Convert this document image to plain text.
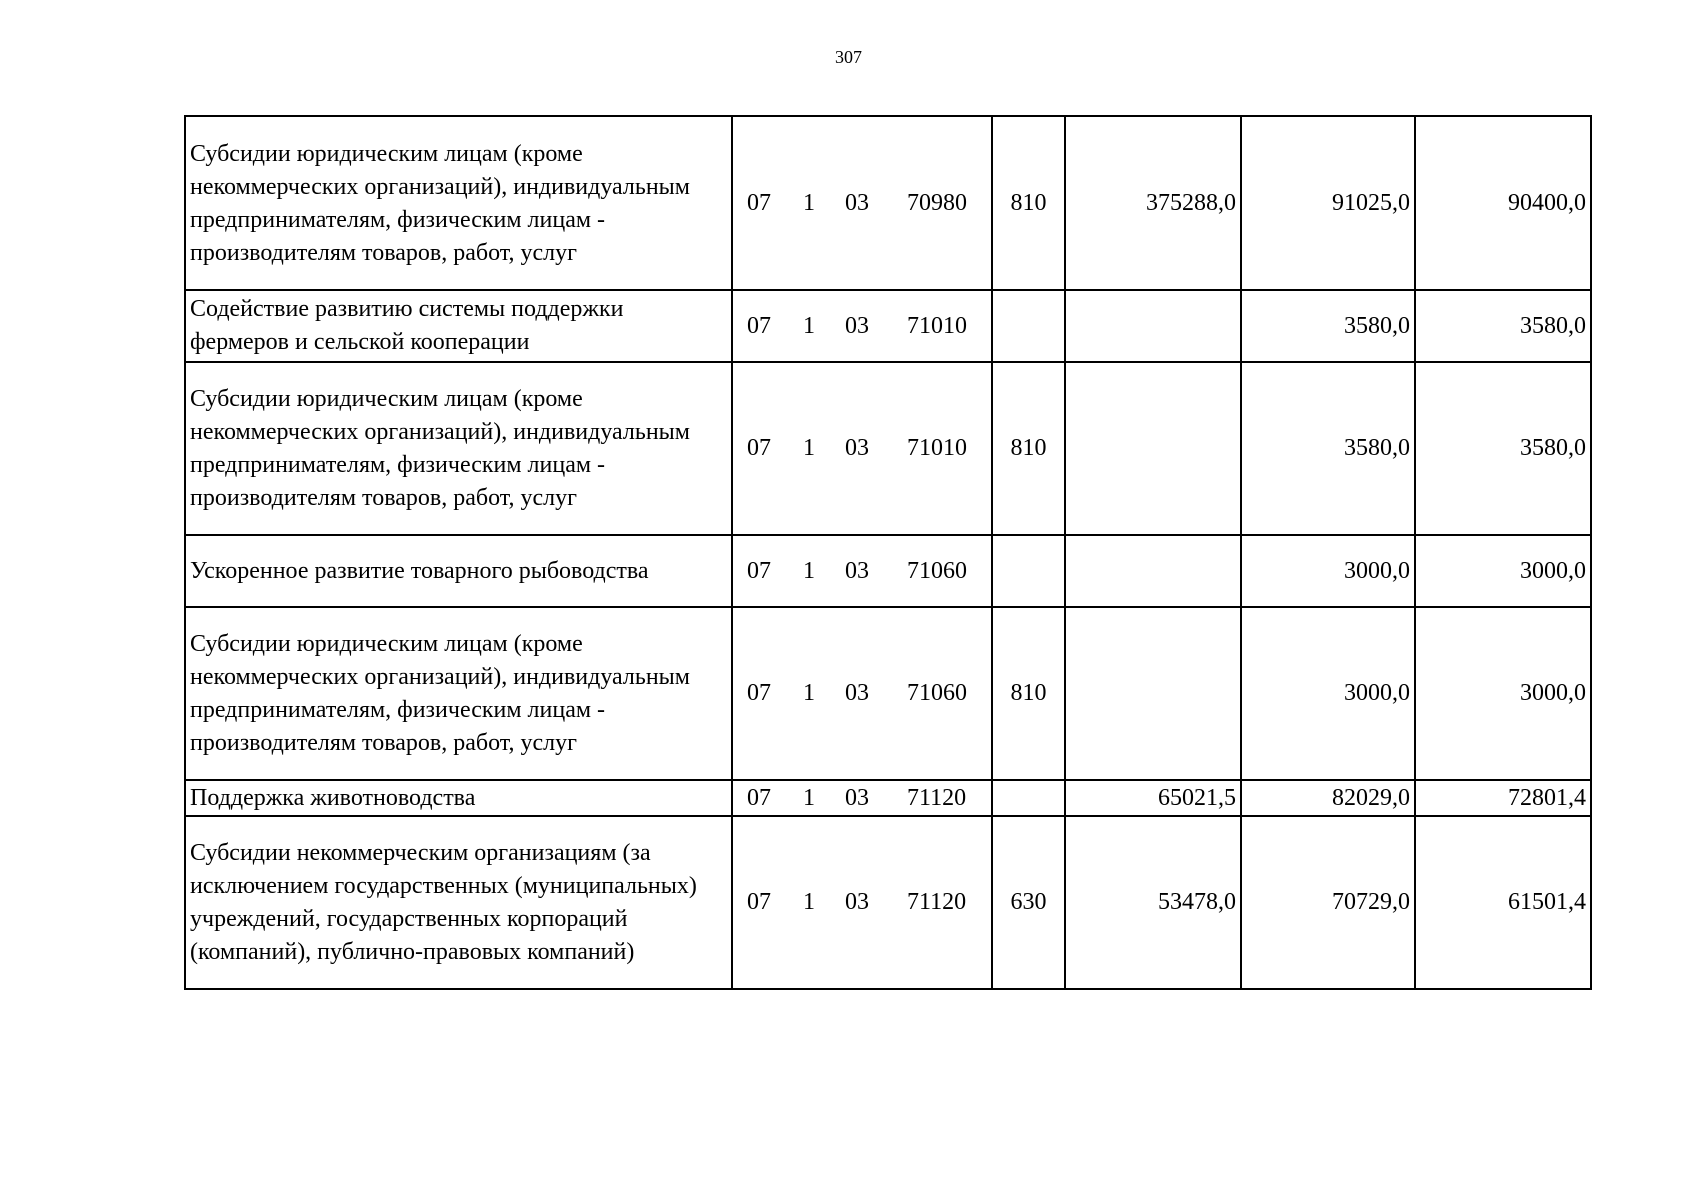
307
Субсидии юридическим лицам (кроме некоммерческих организаций), индивидуальным предпринимателям, физическим лицам - производителям товаров, работ, услуг	07 1 03 70980	810	375288,0	91025,0	90400,0
Содействие развитию системы поддержки фермеров и сельской кооперации	07 1 03 71010			3580,0	3580,0
Субсидии юридическим лицам (кроме некоммерческих организаций), индивидуальным предпринимателям, физическим лицам - производителям товаров, работ, услуг	07 1 03 71010	810		3580,0	3580,0
Ускоренное развитие товарного рыбоводства	07 1 03 71060			3000,0	3000,0
Субсидии юридическим лицам (кроме некоммерческих организаций), индивидуальным предпринимателям, физическим лицам - производителям товаров, работ, услуг	07 1 03 71060	810		3000,0	3000,0
Поддержка животноводства	07 1 03 71120		65021,5	82029,0	72801,4
Субсидии некоммерческим организациям (за исключением государственных (муниципальных) учреждений, государственных корпораций (компаний), публично-правовых компаний)	07 1 03 71120	630	53478,0	70729,0	61501,4
